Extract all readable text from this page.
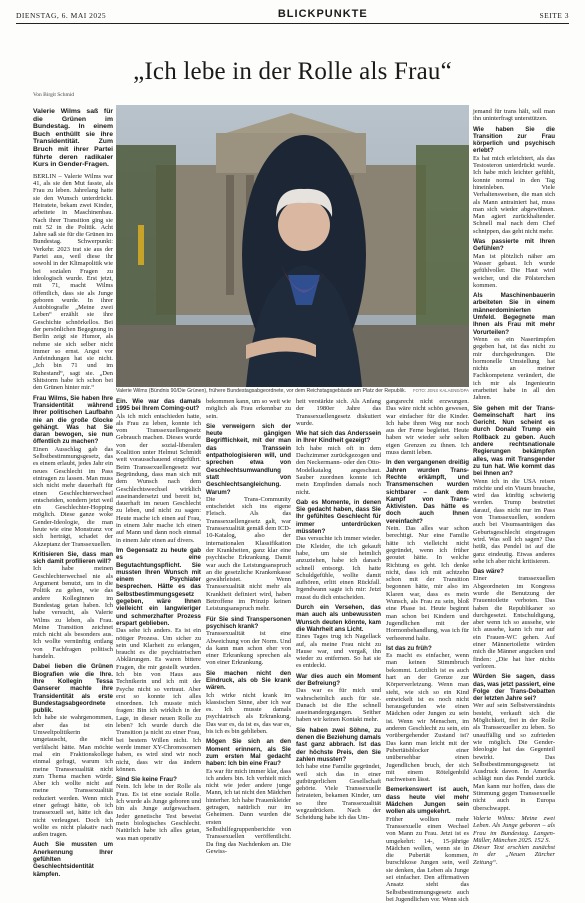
DIENSTAG, 6. MAI 2025	BLICKPUNKTE	SEITE 3
„Ich lebe in der Rolle als Frau“
Von Birgit Schmid

Valerie Wilms saß für die Grünen im Bundestag. In einem Buch enthüllt sie ihre Transidentität. Zum Bruch mit ihrer Partei führte deren radikaler Kurs in Gender-Fragen.

BERLIN – Valerie Wilms war 41, als sie den Mut fasste, als Frau zu leben. Jahrelang hatte sie den Wunsch unterdrückt. Heiratete, bekam zwei Kinder, arbeitete in Maschinenbau. Nach ihrer Transition ging sie mit 52 in die Politik. Acht Jahre saß sie für die Grünen im Bundestag. Schwerpunkt: Verkehr. 2023 trat sie aus der Partei aus, weil diese ihr sowohl in der Klimapolitik wie bei sozialen Fragen zu ideologisch wurde. Erst jetzt, mit 71, macht Wilms öffentlich, dass sie als Junge geboren wurde. In ihrer Autobiografie „Meine zwei Leben“ erzählt sie ihre Geschichte schnörkellos. Bei der persönlichen Begegnung in Berlin zeigt sie Humor, als nehme sie sich selber nicht immer so ernst. Angst vor Anfeindungen hat sie nicht. „Ich bin 71 und im Ruhestand“, sagt sie. „Den Shitstorm habe ich schon bei den Grünen hinter mir.“

Frau Wilms, Sie haben Ihre Transidentität während Ihrer politischen Laufbahn nie an die große Glocke gehängt. Was hat Sie daran bewogen, sie nun öffentlich zu machen?

Einen Ausschlag gab das Selbstbestimmungsgesetz, das es einem erlaubt, jedes Jahr ein neues Geschlecht im Pass eintragen zu lassen. Man muss sich nicht mehr dauerhaft für einen Geschlechterwechsel entscheiden, sondern jetzt weil ein Geschlechter-Hopping möglich. Diese ganze woke Gender-Ideologie, die man heute wie eine Monstranz vor sich herträgt, schadet der Akzeptanz der Transsexuellen.

Kritisieren Sie, dass man sich damit profilieren will?

Ich habe meinen Geschlechterwechsel nie als Argument benutzt, um in die Politik zu gehen, wie das andere Kolleginnen im Bundestag getan haben. Ich habe versucht, als Valerie Wilms zu leben, als Frau. Meine Transition zeichnet mich nicht als besonders aus. Ich wollte vernünftig entlang von Fachfragen politisch handeln.

Dabei lieben die Grünen Biografien wie die Ihre. Ihre Kollegin Tessa Ganserer machte ihre Transidentität als erste Bundestagsabgeordnete publik.

Ich habe sie wahrgenommen, aber das ist ein Umweltpolitikerin umgetauscht, die nicht verfälscht hätte. Man möchte mal ein Fraktionskollege einmal gefragt, warum ich meine Transsexualität nicht zum Thema machen würde. Aber ich wollte nicht auf meine Transsexualität reduziert werden. Wenn mich einer gefragt hätte, ob ich transsexuell sei, hätte ich das nicht verleugnet. Doch ich wollte es nicht plakativ nach außen tragen.

Auch Sie mussten um Anerkennung Ihrer gefühlten Geschlechtsidentität kämpfen.

Valerie Wilms (Bündnis 90/Die Grünen), frühere Bundestagsabgeordnete, vor dem Reichstagsgebäude am Platz der Republik. FOTO: JENS KALAENE/DPA

Ein. Wie war das damals 1995 bei Ihrem Coming-out?

Als ich mich entschieden hatte, als Frau zu leben, konnte ich vom Transsexuellengesetz Gebrauch machen. Dieses wurde von der sozial-liberalen Koalition unter Helmut Schmidt weit vorausschauend eingeführt. Beim Transsexuellengesetz war Begründung, dass man sich mit dem Wunsch nach dem Geschlechtswechsel wirklich auseinandersetzt und bereit ist, dauerhaft im neuen Geschlecht zu leben, und nicht zu sagen: Heute mache ich einen auf Frau, in einem Jahr mache ich einen auf Mann und dann noch einmal in einem Jahr einen auf divers.

Im Gegensatz zu heute gab es eine Begutachtungspflicht. Sie mussten Ihren Wunsch mit einem Psychiater besprechen. Hätte es das Selbstbestimmungsgesetz gegeben, wäre Ihnen vielleicht ein langwieriger und schmerzhafter Prozess erspart geblieben.

Das sehe ich anders. Es ist ein nötiger Prozess. Um sicher zu sein und Klarheit zu erlangen, braucht es die psychiatrischen Abklärungen. Es waren bittere Fragen, die mir gestellt wurden. Ich bin von Haus aus Technikerin und ich mit der Psyche nicht so vertraut. Aber erst so konnte ich alles einordnen. Ich musste mich fragen: Bin ich wirklich in der Lage, in dieser neuen Rolle zu leben? Ich wurde durch die Transition ja nicht zu einer Frau, bei bestem Willen nicht. Ich werde immer XY-Chromosomen haben, es wird sind wir noch nicht, dass wir das ändern können.

Sind Sie keine Frau?

Nein. Ich lebe in der Rolle als Frau. Es ist eine soziale Rolle. Ich wurde als Junge geboren und bin als Junge aufgewachsen. Jeder genetische Test beweist mein biologisches Geschlecht. Natürlich habe ich alles getan, was man operativ

bekommen kann, um so weit wie möglich als Frau erkennbar zu sein.

Sie verweigern sich der heute gängigen Begrifflichkeit, mit der man das Transsein entpathologisieren will, und sprechen etwa von Geschlechtsumwandlung statt von Geschlechtsangleichung. Warum?

Die Trans-Community entscheidet sich ins eigene Fleisch. Als das Transsexuellengesetz galt, war Transsexualität gemäß dem ICD-10-Katalog, also der internationalen Klassifikation der Krankheiten, ganz klar eine psychische Erkrankung. Damit war auch die Leistungsanspruch an die gesetzliche Krankenkasse gewährleistet. Wenn Transsexualität nicht mehr als Krankheit definiert wird, haben Betroffene im Prinzip keinen Leistungsanspruch mehr.

Für Sie sind Transpersonen psychisch krank?

Transsexualität ist eine Abweichung von der Norm. Und da kann man schon eher von einer Erkrankung sprechen als von einer Erkrankung.

Sie machen nicht den Eindruck, als ob Sie krank wären.

Ich wirke nicht krank im klassischen Sinne, aber ich war es. Ich musste damals psychiatrisch als Erkrankung. Das war es, da ist es, das war es, bis ich es bin geblieben.

Mögen Sie sich an den Moment erinnern, als Sie zum ersten Mal gedacht haben: Ich bin eine Frau?

Es war für mich immer klar, dass ich anders bin. Ich verhielt mich nicht wie jeder andere junge Mann, ich tat nicht den Mädchen hinterher. Ich habe Frauenkleider getragen, natürlich nur im Geheimen. Dann wurden die ersten Selbsthilfegruppenberichte von Transsexuellen veröffentlicht. Da fing das Nachdenken an. Die Gewiss-

heit verstärkte sich. Als Anfang der 1980er Jahre das Transsexuellengesetz diskutiert wurde.

Wie hat sich das Anderssein in Ihrer Kindheit gezeigt?

Ich habe mich oft in dem Dachzimmer zurückgezogen und den Neckermann- oder den Otto-Modelkatalog angeschaut. Sauber zuordnen konnte ich mein Empfinden damals noch nicht.

Gab es Momente, in denen Sie gedacht haben, dass Sie Ihr gefühltes Geschlecht für immer unterdrücken müssten?

Das versuchte ich immer wieder. Die Kleider, die ich gekauft habe, um sie heimlich anzuziehen, habe ich danach schnell entsorgt. Ich hatte Schuldgefühle, wollte damit aufhören, erlitt einen Rückfall. Irgendwann sagte ich mir: Jetzt musst du dich entscheiden.

Durch ein Versehen, das man auch als unbewussten Wunsch deuten könnte, kam die Wahrheit ans Licht.

Eines Tages trug ich Nagellack auf, als meine Frau nicht zu Hause war, und vergaß, ihn wieder zu entfernen. So hat sie es entdeckt.

War dies auch ein Moment der Befreiung?

Das war es für mich und wahrscheinlich auch für sie. Danach ist die Ehe schnell auseinandergegangen. Seither haben wir keinen Kontakt mehr.

Sie haben zwei Söhne, zu denen die Beziehung damals fast ganz abbrach. Ist das der höchste Preis, den Sie zahlen mussten?

Ich habe eine Familie gegründet, weil sich das in einer gutbürgerlichen Gesellschaft gehörte. Viele Transsexuelle heirateten, bekamen Kinder, um so ihre Transsexualität wegzudrücken. Nach der Scheidung habe ich das Um-

gangsrecht nicht erzwungen. Das wäre nicht schön gewesen, war einfacher für die Kinder. Ich habe ihren Weg nur noch aus der Ferne begleitet. Heute haben wir wieder sehr selten eigen Grenzen zu ihnen. Ich muss damit leben.

In den vergangenen dreißig Jahren wurden Trans-Rechte erkämpft, und Transmenschen wurden sichtbarer – dank dem Kampf von Trans-Aktivisten. Das hätte es doch auch Ihnen vereinfacht?

Nein. Das alles war schon berechtigt. Nur eine Familie hätte ich vielleicht nicht gegründet, wenn ich früher geoutet hätte. In welche Richtung es geht. Ich denke nicht, dass ich mit achtzehn schon mit der Transition begonnen hätte, mir also im Klaren war, dass es mein Wunsch, als Frau zu sein, bloß eine Phase ist. Heute beginnt man schon bei Kindern und Jugendlichen mit der Hormonbehandlung, was ich für verheerend halte.

Ist das zu früh?

Es macht es einfacher, wenn man keinen Stimmbruch bekommt. Letztlich ist es auch hart an der Grenze zur Körperverletzung. Wenn man sieht, wie sich so ein Kind entwickelt ist es noch nicht herausgefunden wie einen Mädchen oder Jungen zu sein ist. Wenn wir Menschen, im anderen Geschlecht zu sein, ein vorübergehender Zustand ist? Das kann man leicht mit der Pubertätsblocker einer unübersehbar einen Jugendlichen bruch, der sich mit einem Rötelgenbild nachweisen lässt.

Bemerkenswert ist auch, dass heute viel mehr Mädchen Jungen sein wollen als umgekehrt.

Früher wollten mehr Transsexuelle einen Wechsel von Mann zu Frau. Jetzt ist es umgekehrt: 14-, 15-jährige Mädchen wollen, wenn sie in die Pubertät kommen, burschikose Jungen sein, weil sie denken, das Leben als Junge sei einfacher. Den affirmativen Ansatz sieht das Selbstbestimmungsgesetz auch bei Jugendlichen vor. Wenn sich

jemand für trans hält, soll man ihn uninterfragt unterstützen.

Wie haben Sie die Transition zur Frau körperlich und psychisch erlebt?

Es hat mich erleichtert, als das Testosteron unterdrückt wurde. Ich habe mich leichter gefühlt, konnte normal in den Tag hineinleben. Viele Verhaltensweisen, die man sich als Mann antrainiert hat, muss man sich wieder abgewöhnen. Man agiert zurückhaltender. Schnell mal nach dem Chef schnippen, das geht nicht mehr.

Was passierte mit Ihren Gefühlen?

Man ist plötzlich näher am Wasser gebaut. Ich wurde gefühlvoller. Die Haut wird weicher, und die Pölsterchen kommen.

Als Maschinenbauerin arbeiteten Sie in einem männerdominierten Umfeld. Begegnete man Ihnen als Frau mit mehr Vorurteilen?

Wenn es ein Naserümpfen gegeben hat, ist das nicht zu mir durchgedrungen. Die hormonelle Umstellung hat nichts an meiner Fachkompetenz verändert, die ich mir als Ingenieurin erarbeitet habe in all den Jahren.

Sie gehen mit der Trans-Gemeinschaft hart ins Gericht. Nun scheint es durch Donald Trump ein Rollback zu geben. Auch andere rechtsnationale Regierungen bekämpfen alles, was mit Transgender zu tun hat. Wie kommt das bei Ihnen an?

Wenn ich in die USA reisen möchte und ein Visum brauche, wird das künftig schwierig werden. Trump bestreitet darauf, dass nicht nur im Pass von Transsexuellen, sondern auch bei Visumsanträgen das Geburtsgeschlecht eingetragen wird. Was soll ich sagen? Das heißt, das Pendel ist auf die ganz eindeutig. Etwas anderes sehe ich aber nicht kritisieren.

Das wäre?

Einer transsexuellen Abgeordneten im Kongress wurde die Benutzung der Frauentoilette verboten. Das haben die Republikaner so durchgesetzt. Entschuldigung, aber wenn ich so aussehe, wie ich aussehe, kann ich nur auf ein Frauen-WC gehen. Auf einer Männertoilette würden mich die Männer angucken und finden: „Die hat hier nichts verloren.

Würden Sie sagen, dass das, was jetzt passiert, eine Folge der Trans-Debatten der letzten Jahre sei?

Wer auf sein Selbstverständnis besteht, verkauft sich die Möglichkeit, frei in der Rolle als Transsexueller zu leben. So unauffällig und so zufrieden wie möglich. Die Gender-Ideologie hat das Gegenteil bewirkt. Das Selbstbestimmungsgesetz ist Ausdruck davon. In Amerika schlägt nun das Pendel zurück. Man kann nur hoffen, dass die Stimmung gegen Transsexuelle nicht auch in Europa überschwappt.

Valerie Wilms: Meine zwei Leben. Als Junge geboren – als Frau im Bundestag. Langen-Müller, München 2025. 152 S.

Dieser Text erschien zunächst in der „Neuen Zürcher Zeitung“.
